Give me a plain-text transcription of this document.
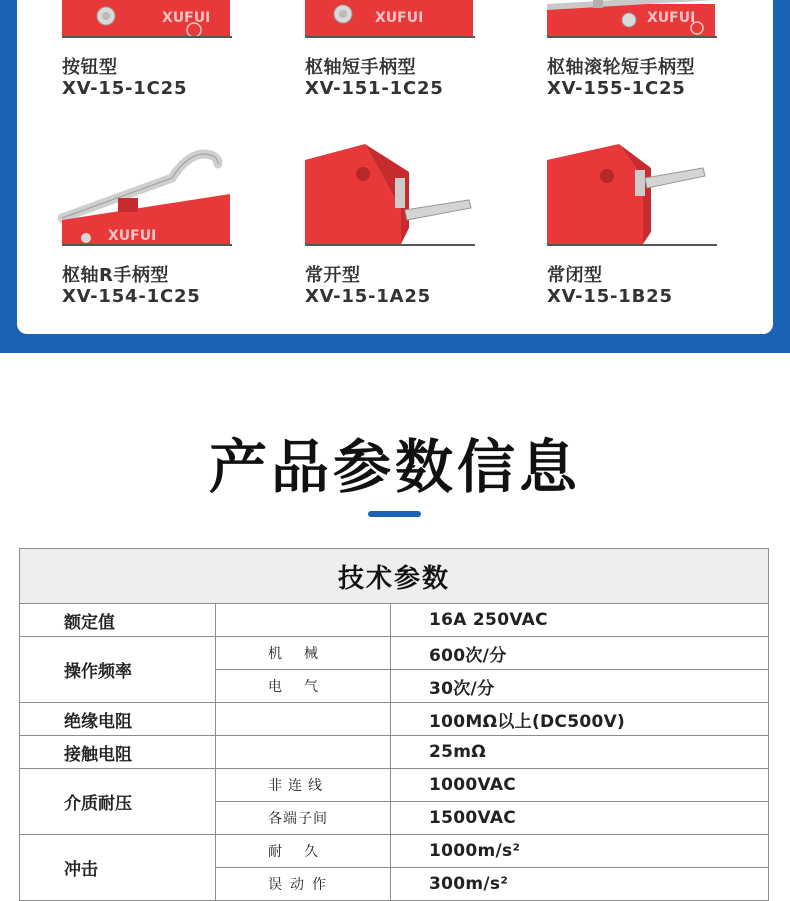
XUFUI
按钮型
XV-15-1C25
XUFUI
枢轴短手柄型
XV-151-1C25
XUFUI
枢轴滚轮短手柄型
XV-155-1C25
XUFUI
枢轴R手柄型
XV-154-1C25
常开型
XV-15-1A25
常闭型
XV-15-1B25
产品参数信息
技术参数		
额定值		16A 250VAC
操作频率	机械	600次/分
	电气	30次/分
绝缘电阻		100MΩ以上(DC500V)
接触电阻		25mΩ
介质耐压	非连线	1000VAC
	各端子间	1500VAC
冲击	耐久	1000m/s²
	误动作	300m/s²
